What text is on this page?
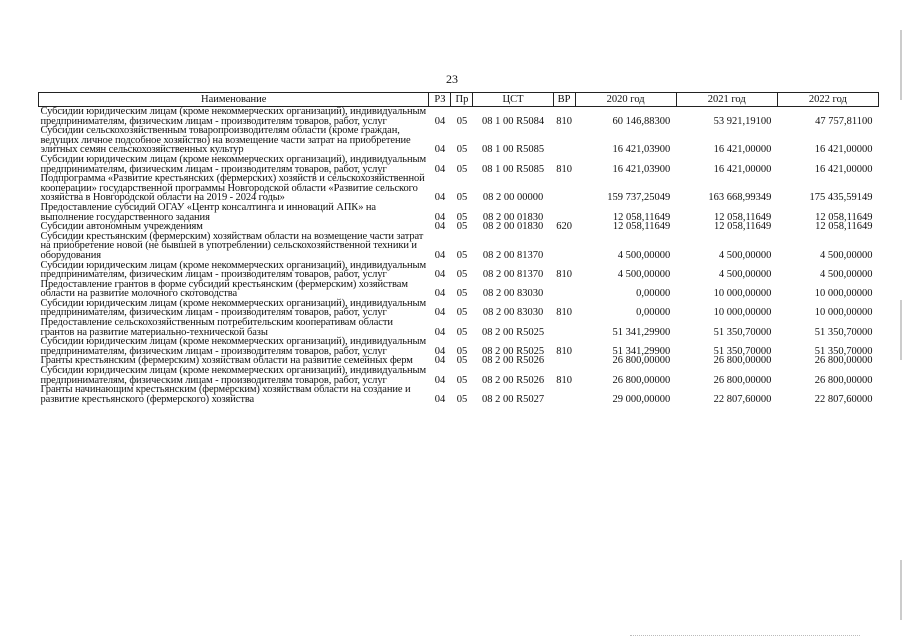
23
Наименование	РЗ	Пр	ЦСТ	ВР	2020 год	2021 год	2022 год
Субсидии юридическим лицам (кроме некоммерческих организаций), индивидуальным предпринимателям, физическим лицам - производителям товаров, работ, услуг	04	05	08 1 00 R5084	810	60 146,88300	53 921,19100	47 757,81100
Субсидии сельскохозяйственным товаропроизводителям области (кроме граждан, ведущих личное подсобное хозяйство) на возмещение части затрат на приобретение элитных семян сельскохозяйственных культур	04	05	08 1 00 R5085		16 421,03900	16 421,00000	16 421,00000
Субсидии юридическим лицам (кроме некоммерческих организаций), индивидуальным предпринимателям, физическим лицам - производителям товаров, работ, услуг	04	05	08 1 00 R5085	810	16 421,03900	16 421,00000	16 421,00000
Подпрограмма «Развитие крестьянских (фермерских) хозяйств и сельскохозяйственной кооперации» государственной программы Новгородской области «Развитие сельского хозяйства в Новгородской области на 2019 - 2024 годы»	04	05	08 2 00 00000		159 737,25049	163 668,99349	175 435,59149
Предоставление субсидий ОГАУ «Центр консалтинга и инноваций АПК» на выполнение государственного задания	04	05	08 2 00 01830		12 058,11649	12 058,11649	12 058,11649
Субсидии автономным учреждениям	04	05	08 2 00 01830	620	12 058,11649	12 058,11649	12 058,11649
Субсидии крестьянским (фермерским) хозяйствам области на возмещение части затрат на приобретение новой (не бывшей в употреблении) сельскохозяйственной техники и оборудования	04	05	08 2 00 81370		4 500,00000	4 500,00000	4 500,00000
Субсидии юридическим лицам (кроме некоммерческих организаций), индивидуальным предпринимателям, физическим лицам - производителям товаров, работ, услуг	04	05	08 2 00 81370	810	4 500,00000	4 500,00000	4 500,00000
Предоставление грантов в форме субсидий крестьянским (фермерским) хозяйствам области на развитие молочного скотоводства	04	05	08 2 00 83030		0,00000	10 000,00000	10 000,00000
Субсидии юридическим лицам (кроме некоммерческих организаций), индивидуальным предпринимателям, физическим лицам - производителям товаров, работ, услуг	04	05	08 2 00 83030	810	0,00000	10 000,00000	10 000,00000
Предоставление сельскохозяйственным потребительским кооперативам области грантов на развитие материально-технической базы	04	05	08 2 00 R5025		51 341,29900	51 350,70000	51 350,70000
Субсидии юридическим лицам (кроме некоммерческих организаций), индивидуальным предпринимателям, физическим лицам - производителям товаров, работ, услуг	04	05	08 2 00 R5025	810	51 341,29900	51 350,70000	51 350,70000
Гранты крестьянским (фермерским) хозяйствам области на развитие семейных ферм	04	05	08 2 00 R5026		26 800,00000	26 800,00000	26 800,00000
Субсидии юридическим лицам (кроме некоммерческих организаций), индивидуальным предпринимателям, физическим лицам - производителям товаров, работ, услуг	04	05	08 2 00 R5026	810	26 800,00000	26 800,00000	26 800,00000
Гранты начинающим крестьянским (фермерским) хозяйствам области на создание и развитие крестьянского (фермерского) хозяйства	04	05	08 2 00 R5027		29 000,00000	22 807,60000	22 807,60000
